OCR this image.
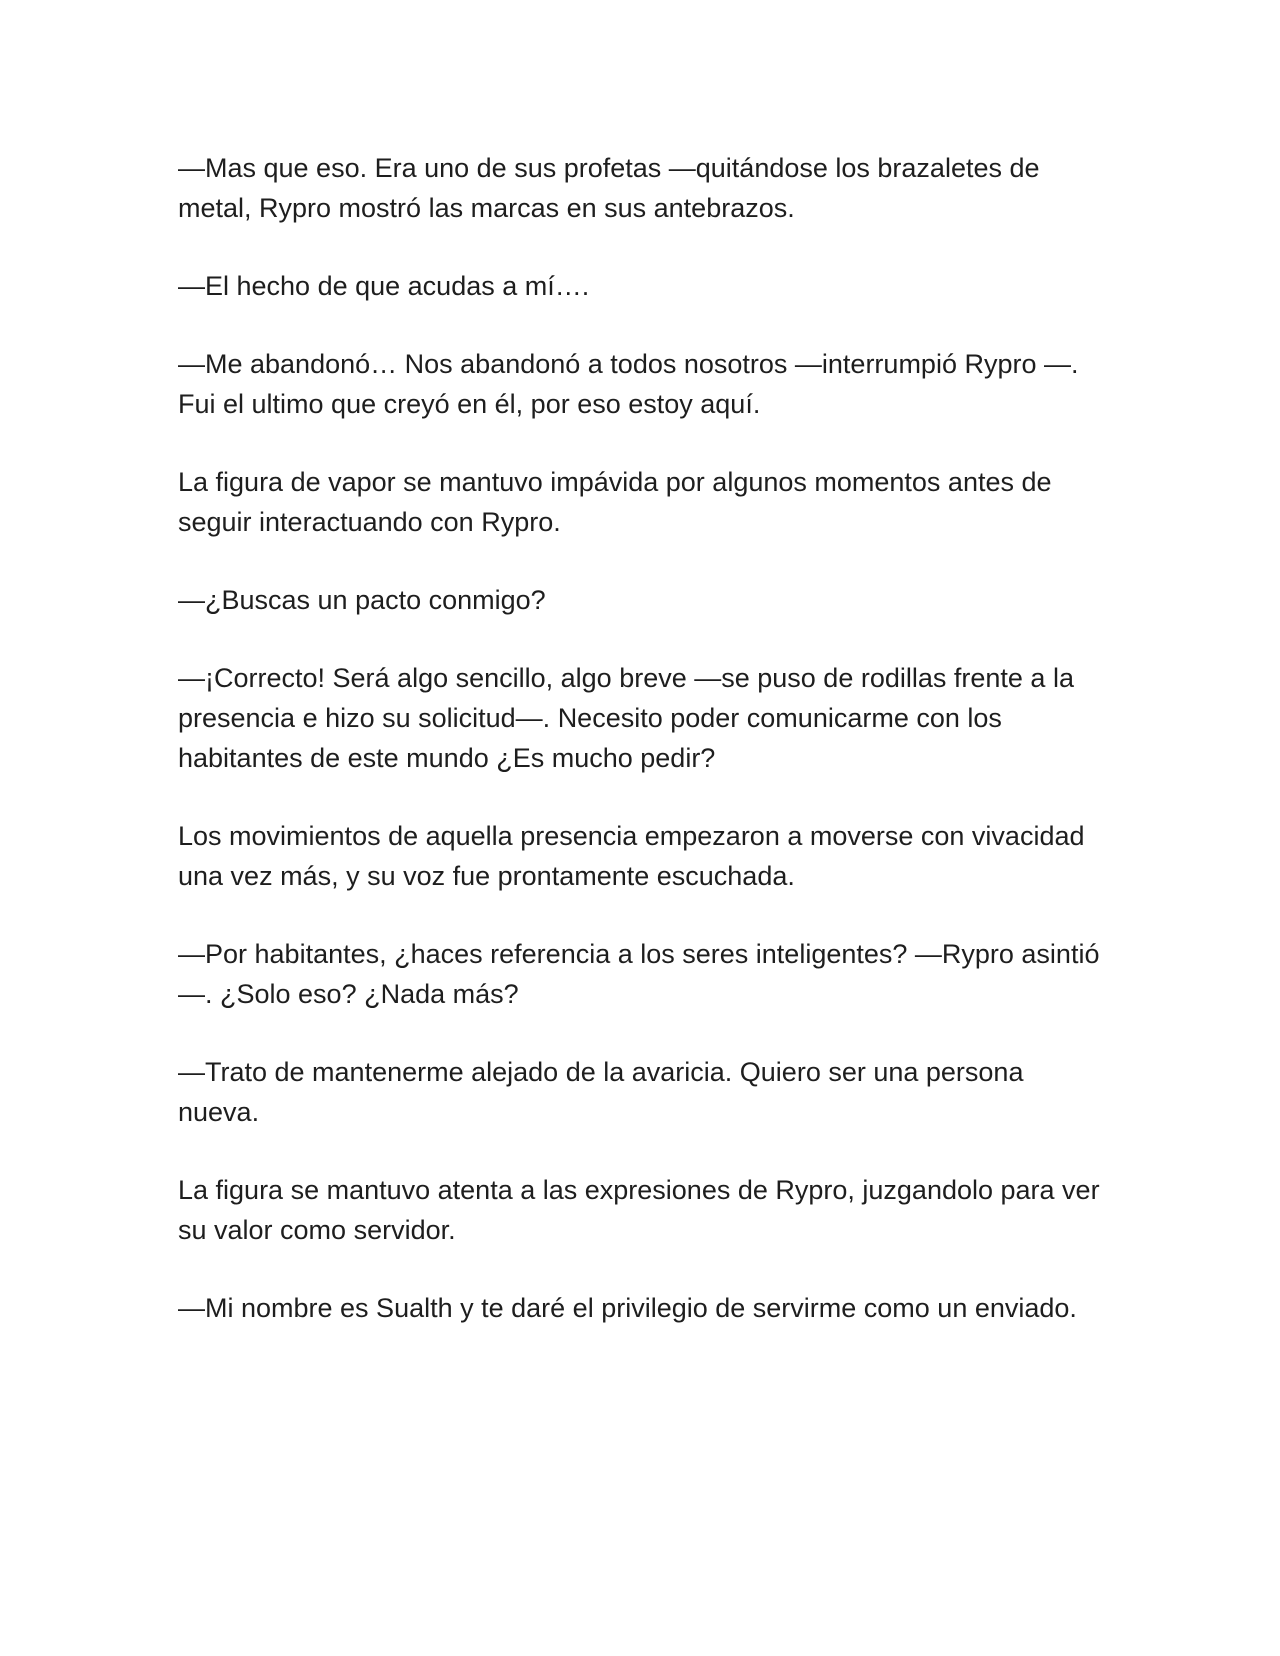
—Mas que eso. Era uno de sus profetas —quitándose los brazaletes de metal, Rypro mostró las marcas en sus antebrazos.

—El hecho de que acudas a mí….

—Me abandonó… Nos abandonó a todos nosotros —interrumpió Rypro —. Fui el ultimo que creyó en él, por eso estoy aquí.

La figura de vapor se mantuvo impávida por algunos momentos antes de seguir interactuando con Rypro.

—¿Buscas un pacto conmigo?

—¡Correcto! Será algo sencillo, algo breve —se puso de rodillas frente a la presencia e hizo su solicitud—. Necesito poder comunicarme con los habitantes de este mundo ¿Es mucho pedir?

Los movimientos de aquella presencia empezaron a moverse con vivacidad una vez más, y su voz fue prontamente escuchada.

—Por habitantes, ¿haces referencia a los seres inteligentes? —Rypro asintió—. ¿Solo eso? ¿Nada más?

—Trato de mantenerme alejado de la avaricia. Quiero ser una persona nueva.

La figura se mantuvo atenta a las expresiones de Rypro, juzgandolo para ver su valor como servidor.

—Mi nombre es Sualth y te daré el privilegio de servirme como un enviado.
